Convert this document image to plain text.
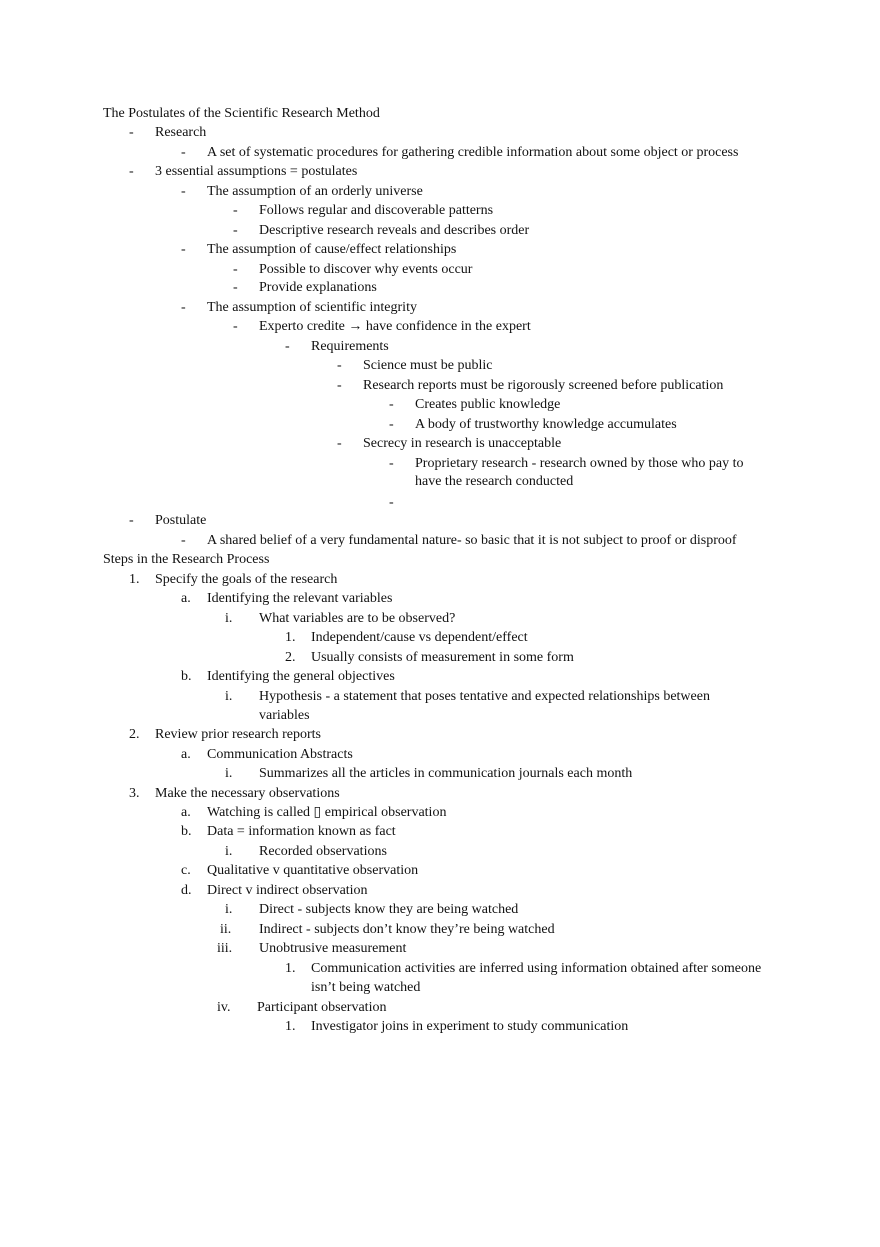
The Postulates of the Scientific Research Method
Steps in the Research Process
- Research
- A set of systematic procedures for gathering credible information about some object or process
- 3 essential assumptions = postulates
- The assumption of an orderly universe
- Follows regular and discoverable patterns
- Descriptive research reveals and describes order
- The assumption of cause/effect relationships
- Possible to discover why events occur
- Provide explanations
- The assumption of scientific integrity
- Experto credite → have confidence in the expert
- Requirements
- Science must be public
- Research reports must be rigorously screened before publication
- Creates public knowledge
- A body of trustworthy knowledge accumulates
- Secrecy in research is unacceptable
- Proprietary research - research owned by those who pay to
have the research conducted
-
- Postulate
- A shared belief of a very fundamental nature- so basic that it is not subject to proof or disproof
1. Specify the goals of the research
a. Identifying the relevant variables
i. What variables are to be observed?
1. Independent/cause vs dependent/effect
2. Usually consists of measurement in some form
b. Identifying the general objectives
i. Hypothesis - a statement that poses tentative and expected relationships between
variables
2. Review prior research reports
a. Communication Abstracts
i. Summarizes all the articles in communication journals each month
3. Make the necessary observations
a. Watching is called ▯ empirical observation
b. Data = information known as fact
i. Recorded observations
c. Qualitative v quantitative observation
d. Direct v indirect observation
i. Direct - subjects know they are being watched
ii. Indirect - subjects don’t know they’re being watched
iii. Unobtrusive measurement
1. Communication activities are inferred using information obtained after someone
isn’t being watched
iv. Participant observation
1. Investigator joins in experiment to study communication
